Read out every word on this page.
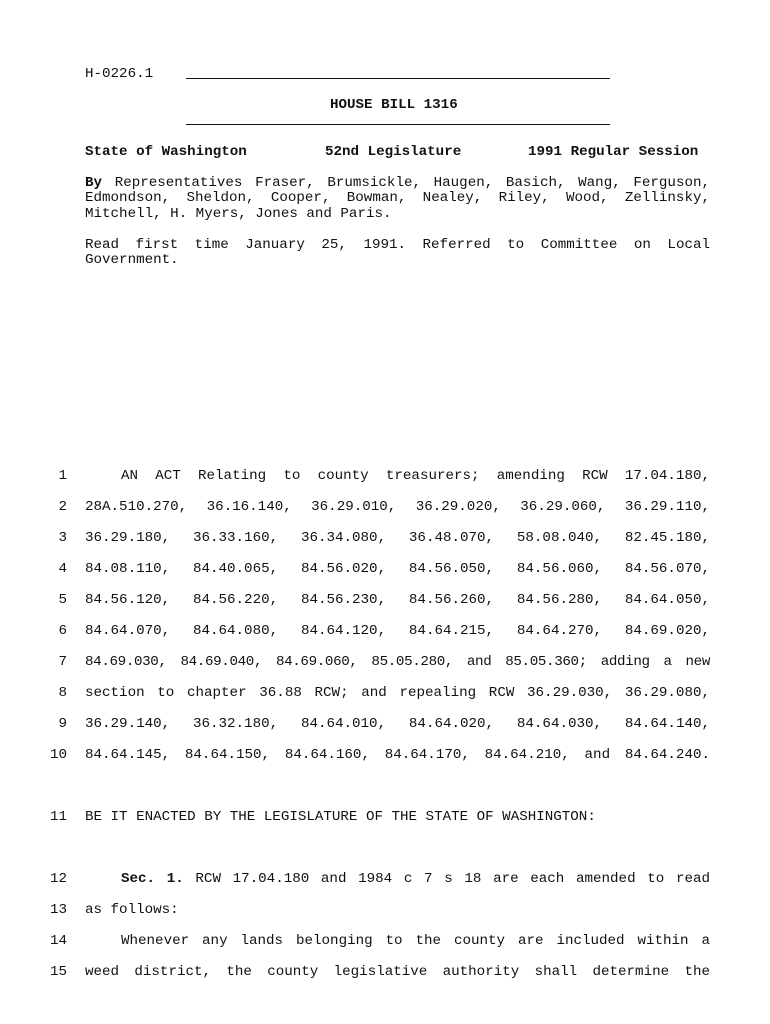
H-0226.1
HOUSE BILL 1316
State of Washington	52nd Legislature	1991 Regular Session
By Representatives Fraser, Brumsickle, Haugen, Basich, Wang, Ferguson,
Edmondson, Sheldon, Cooper, Bowman, Nealey, Riley, Wood, Zellinsky,
Mitchell, H. Myers, Jones and Paris.
Read first time January 25, 1991. Referred to Committee on Local
Government.
1	AN ACT Relating to county treasurers; amending RCW 17.04.180,
2 28A.510.270, 36.16.140, 36.29.010, 36.29.020, 36.29.060, 36.29.110,
3 36.29.180, 36.33.160, 36.34.080, 36.48.070, 58.08.040, 82.45.180,
4 84.08.110, 84.40.065, 84.56.020, 84.56.050, 84.56.060, 84.56.070,
5 84.56.120, 84.56.220, 84.56.230, 84.56.260, 84.56.280, 84.64.050,
6 84.64.070, 84.64.080, 84.64.120, 84.64.215, 84.64.270, 84.69.020,
7 84.69.030, 84.69.040, 84.69.060, 85.05.280, and 85.05.360; adding a new
8 section to chapter 36.88 RCW; and repealing RCW 36.29.030, 36.29.080,
9 36.29.140, 36.32.180, 84.64.010, 84.64.020, 84.64.030, 84.64.140,
10 84.64.145, 84.64.150, 84.64.160, 84.64.170, 84.64.210, and 84.64.240.
11 BE IT ENACTED BY THE LEGISLATURE OF THE STATE OF WASHINGTON:
12	Sec. 1. RCW 17.04.180 and 1984 c 7 s 18 are each amended to read
13 as follows:
14	Whenever any lands belonging to the county are included within a
15 weed district, the county legislative authority shall determine the
